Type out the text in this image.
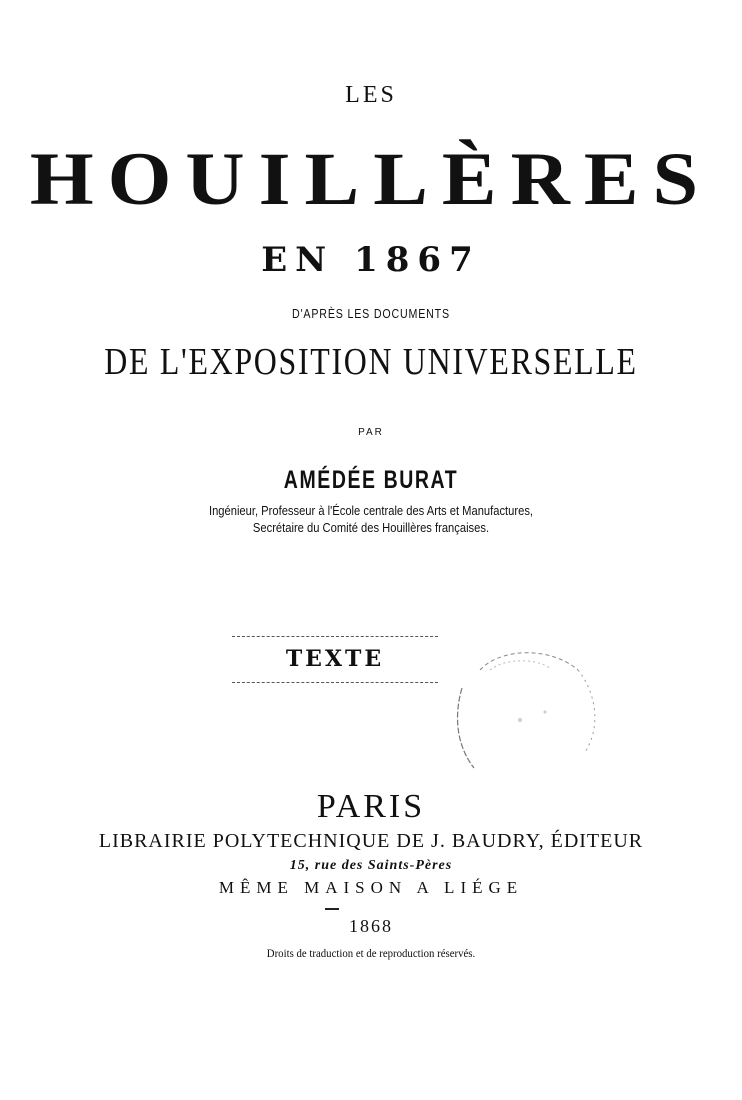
LES
HOUILLÈRES
EN 1867
D'APRÈS LES DOCUMENTS
DE L'EXPOSITION UNIVERSELLE
PAR
AMÉDÉE BURAT
Ingénieur, Professeur à l'École centrale des Arts et Manufactures,
Secrétaire du Comité des Houillères françaises.
TEXTE
PARIS
LIBRAIRIE POLYTECHNIQUE DE J. BAUDRY, ÉDITEUR
15, rue des Saints-Pères
MÊME MAISON A LIÉGE
1868
Droits de traduction et de reproduction réservés.
